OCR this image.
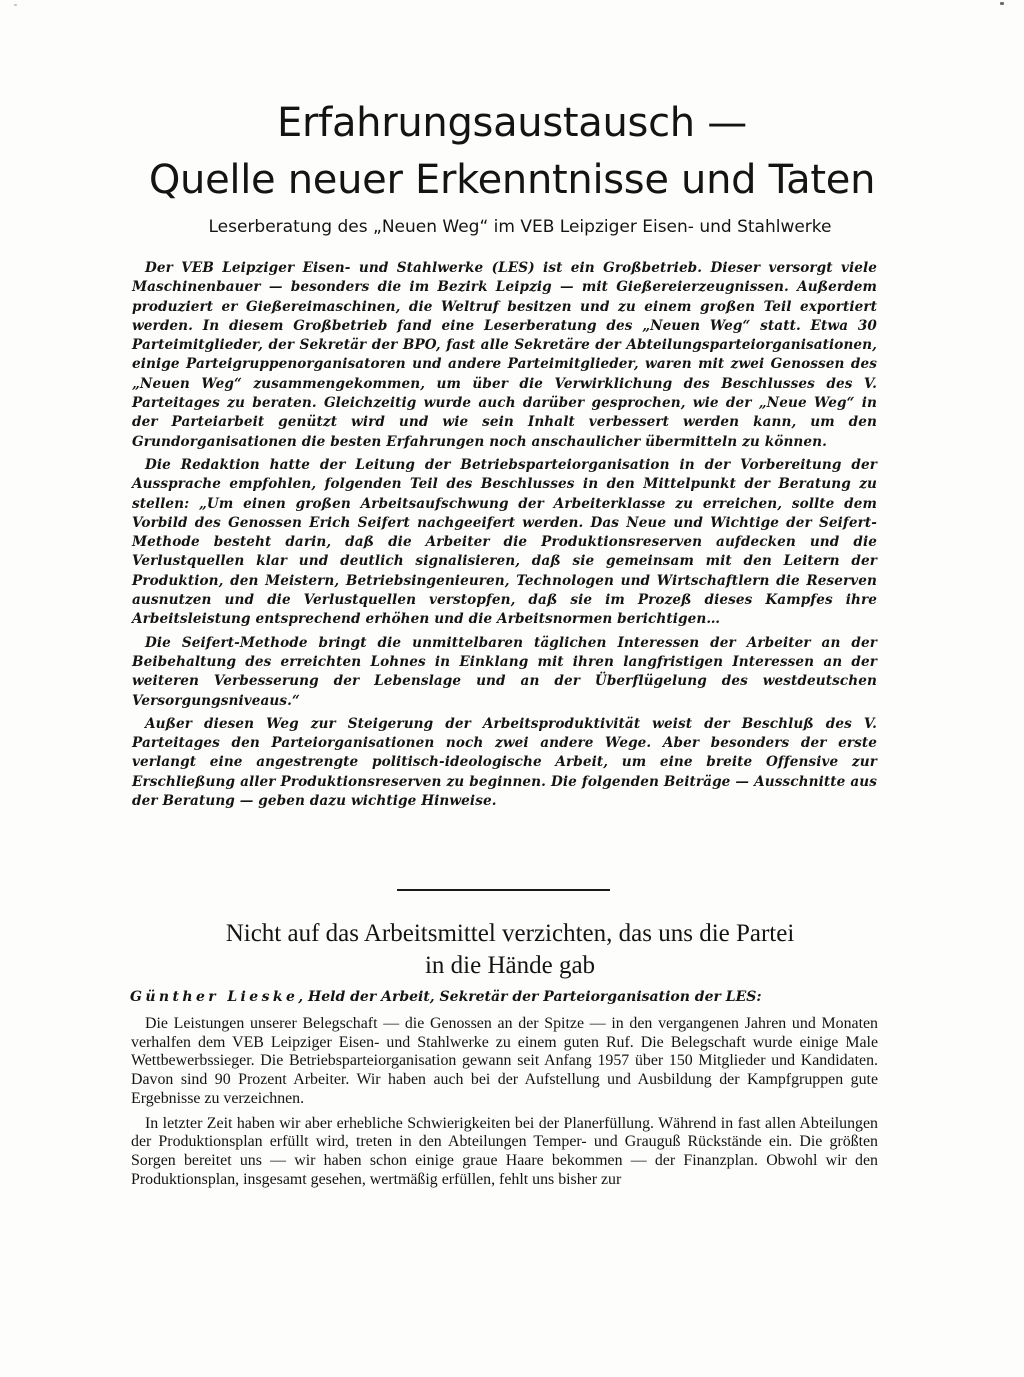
Erfahrungsaustausch —
Quelle neuer Erkenntnisse und Taten

Leserberatung des „Neuen Weg“ im VEB Leipziger Eisen- und Stahlwerke

Der VEB Leipziger Eisen- und Stahlwerke (LES) ist ein Großbetrieb. Dieser versorgt viele Maschinenbauer — besonders die im Bezirk Leipzig — mit Gießereierzeugnissen. Außerdem produziert er Gießereimaschinen, die Weltruf besitzen und zu einem großen Teil exportiert werden. In diesem Großbetrieb fand eine Leserberatung des „Neuen Weg“ statt. Etwa 30 Parteimitglieder, der Sekretär der BPO, fast alle Sekretäre der Abteilungsparteiorganisationen, einige Parteigruppenorganisatoren und andere Parteimitglieder, waren mit zwei Genossen des „Neuen Weg“ zusammengekommen, um über die Verwirklichung des Beschlusses des V. Parteitages zu beraten. Gleichzeitig wurde auch darüber gesprochen, wie der „Neue Weg“ in der Parteiarbeit genützt wird und wie sein Inhalt verbessert werden kann, um den Grundorganisationen die besten Erfahrungen noch anschaulicher übermitteln zu können.

Die Redaktion hatte der Leitung der Betriebsparteiorganisation in der Vorbereitung der Aussprache empfohlen, folgenden Teil des Beschlusses in den Mittelpunkt der Beratung zu stellen: „Um einen großen Arbeitsaufschwung der Arbeiterklasse zu erreichen, sollte dem Vorbild des Genossen Erich Seifert nachgeeifert werden. Das Neue und Wichtige der Seifert-Methode besteht darin, daß die Arbeiter die Produktionsreserven aufdecken und die Verlustquellen klar und deutlich signalisieren, daß sie gemeinsam mit den Leitern der Produktion, den Meistern, Betriebsingenieuren, Technologen und Wirtschaftlern die Reserven ausnutzen und die Verlustquellen verstopfen, daß sie im Prozeß dieses Kampfes ihre Arbeitsleistung entsprechend erhöhen und die Arbeitsnormen berichtigen…

Die Seifert-Methode bringt die unmittelbaren täglichen Interessen der Arbeiter an der Beibehaltung des erreichten Lohnes in Einklang mit ihren langfristigen Interessen an der weiteren Verbesserung der Lebenslage und an der Überflügelung des westdeutschen Versorgungsniveaus.“

Außer diesen Weg zur Steigerung der Arbeitsproduktivität weist der Beschluß des V. Parteitages den Parteiorganisationen noch zwei andere Wege. Aber besonders der erste verlangt eine angestrengte politisch-ideologische Arbeit, um eine breite Offensive zur Erschließung aller Produktionsreserven zu beginnen. Die folgenden Beiträge — Ausschnitte aus der Beratung — geben dazu wichtige Hinweise.

Nicht auf das Arbeitsmittel verzichten, das uns die Partei
in die Hände gab

Günther Lieske, Held der Arbeit, Sekretär der Parteiorganisation der LES:

Die Leistungen unserer Belegschaft — die Genossen an der Spitze — in den vergangenen Jahren und Monaten verhalfen dem VEB Leipziger Eisen- und Stahlwerke zu einem guten Ruf. Die Belegschaft wurde einige Male Wettbewerbssieger. Die Betriebsparteiorganisation gewann seit Anfang 1957 über 150 Mitglieder und Kandidaten. Davon sind 90 Prozent Arbeiter. Wir haben auch bei der Aufstellung und Ausbildung der Kampfgruppen gute Ergebnisse zu verzeichnen.

In letzter Zeit haben wir aber erhebliche Schwierigkeiten bei der Planerfüllung. Während in fast allen Abteilungen der Produktionsplan erfüllt wird, treten in den Abteilungen Temper- und Grauguß Rückstände ein. Die größten Sorgen bereitet uns — wir haben schon einige graue Haare bekommen — der Finanzplan. Obwohl wir den Produktionsplan, insgesamt gesehen, wertmäßig erfüllen, fehlt uns bisher zur
